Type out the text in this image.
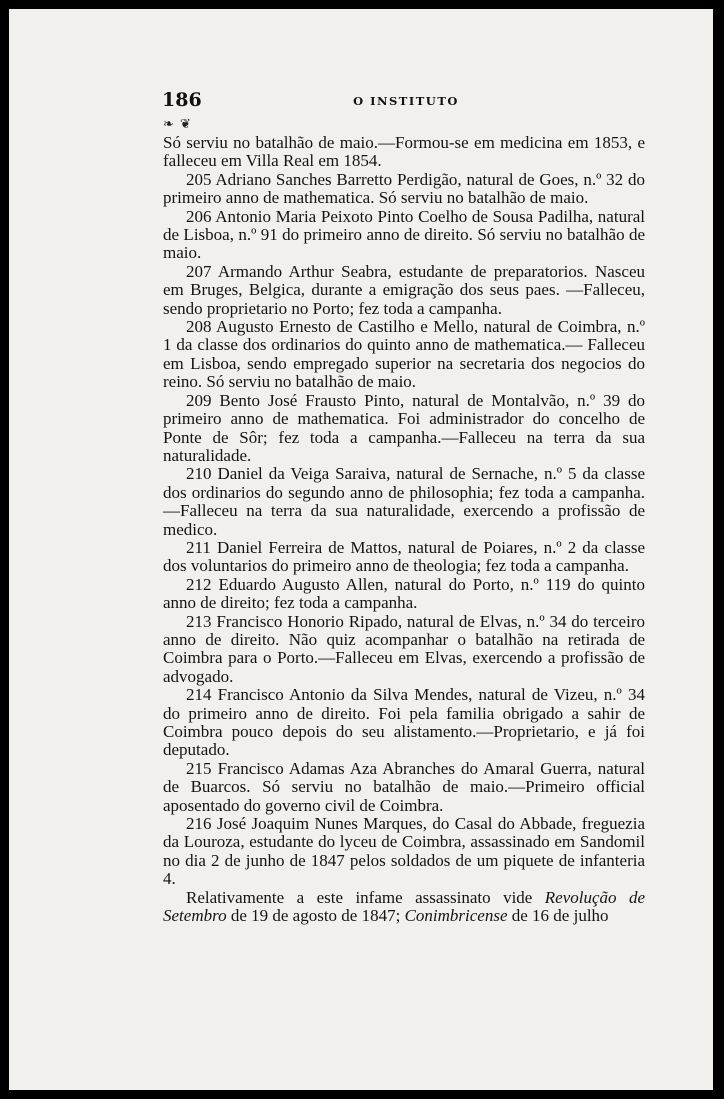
186	O INSTITUTO
❧ ❦

Só serviu no batalhão de maio.—Formou-se em medicina em 1853, e falleceu em Villa Real em 1854.

205 Adriano Sanches Barretto Perdigão, natural de Goes, n.º 32 do primeiro anno de mathematica. Só serviu no batalhão de maio.

206 Antonio Maria Peixoto Pinto Coelho de Sousa Padilha, natural de Lisboa, n.º 91 do primeiro anno de direito. Só serviu no batalhão de maio.

207 Armando Arthur Seabra, estudante de preparatorios. Nasceu em Bruges, Belgica, durante a emigração dos seus paes. —Falleceu, sendo proprietario no Porto; fez toda a campanha.

208 Augusto Ernesto de Castilho e Mello, natural de Coimbra, n.º 1 da classe dos ordinarios do quinto anno de mathematica.— Falleceu em Lisboa, sendo empregado superior na secretaria dos negocios do reino. Só serviu no batalhão de maio.

209 Bento José Frausto Pinto, natural de Montalvão, n.º 39 do primeiro anno de mathematica. Foi administrador do concelho de Ponte de Sôr; fez toda a campanha.—Falleceu na terra da sua naturalidade.

210 Daniel da Veiga Saraiva, natural de Sernache, n.º 5 da classe dos ordinarios do segundo anno de philosophia; fez toda a campanha.—Falleceu na terra da sua naturalidade, exercendo a profissão de medico.

211 Daniel Ferreira de Mattos, natural de Poiares, n.º 2 da classe dos voluntarios do primeiro anno de theologia; fez toda a campanha.

212 Eduardo Augusto Allen, natural do Porto, n.º 119 do quinto anno de direito; fez toda a campanha.

213 Francisco Honorio Ripado, natural de Elvas, n.º 34 do terceiro anno de direito. Não quiz acompanhar o batalhão na retirada de Coimbra para o Porto.—Falleceu em Elvas, exercendo a profissão de advogado.

214 Francisco Antonio da Silva Mendes, natural de Vizeu, n.º 34 do primeiro anno de direito. Foi pela familia obrigado a sahir de Coimbra pouco depois do seu alistamento.—Proprietario, e já foi deputado.

215 Francisco Adamas Aza Abranches do Amaral Guerra, natural de Buarcos. Só serviu no batalhão de maio.—Primeiro official aposentado do governo civil de Coimbra.

216 José Joaquim Nunes Marques, do Casal do Abbade, freguezia da Louroza, estudante do lyceu de Coimbra, assassinado em Sandomil no dia 2 de junho de 1847 pelos soldados de um piquete de infanteria 4.

Relativamente a este infame assassinato vide Revolução de Setembro de 19 de agosto de 1847; Conimbricense de 16 de julho
